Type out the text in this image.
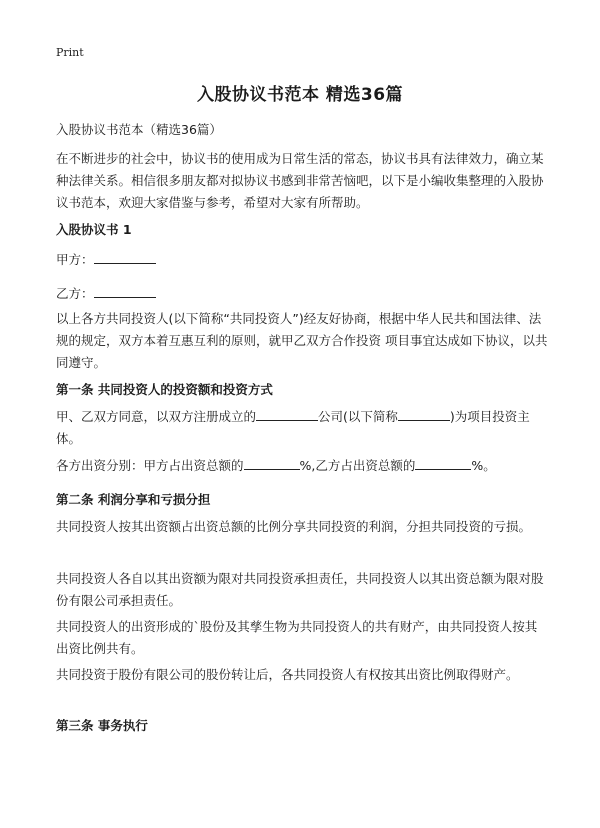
Print
入股协议书范本 精选36篇
入股协议书范本（精选36篇）

在不断进步的社会中，协议书的使用成为日常生活的常态，协议书具有法律效力，确立某种法律关系。相信很多朋友都对拟协议书感到非常苦恼吧，以下是小编收集整理的入股协议书范本，欢迎大家借鉴与参考，希望对大家有所帮助。

入股协议书 1

甲方：
乙方：

以上各方共同投资人(以下简称“共同投资人”)经友好协商，根据中华人民共和国法律、法规的规定，双方本着互惠互利的原则，就甲乙双方合作投资 项目事宜达成如下协议，以共同遵守。

第一条 共同投资人的投资额和投资方式

甲、乙双方同意，以双方注册成立的	公司(以下简称	)为项目投资主体。

各方出资分别：甲方占出资总额的	%,乙方占出资总额的	%。

第二条 利润分享和亏损分担

共同投资人按其出资额占出资总额的比例分享共同投资的利润，分担共同投资的亏损。

共同投资人各自以其出资额为限对共同投资承担责任，共同投资人以其出资总额为限对股份有限公司承担责任。

共同投资人的出资形成的`股份及其孳生物为共同投资人的共有财产，由共同投资人按其出资比例共有。

共同投资于股份有限公司的股份转让后，各共同投资人有权按其出资比例取得财产。

第三条 事务执行
